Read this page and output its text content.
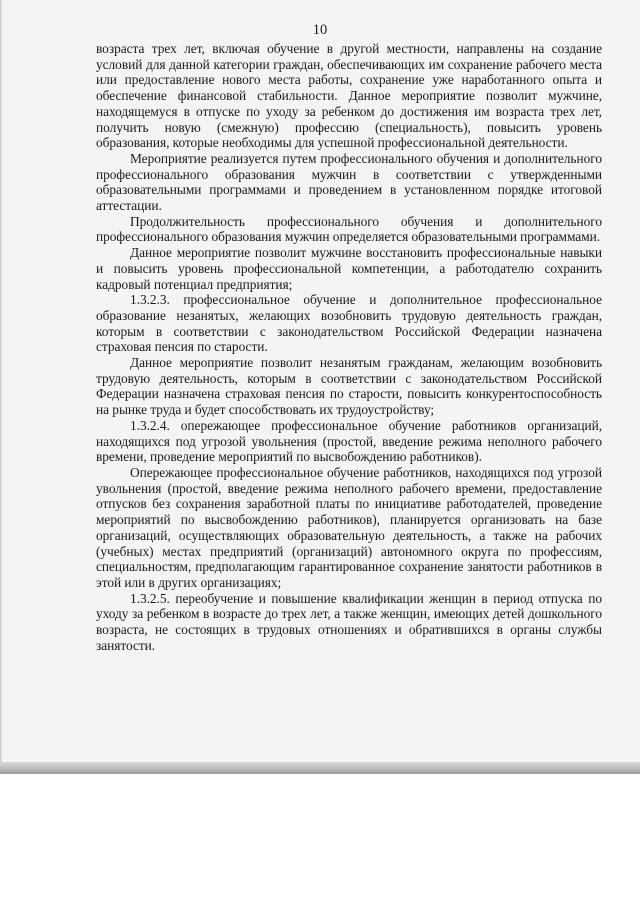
10

возраста трех лет, включая обучение в другой местности, направлены на создание условий для данной категории граждан, обеспечивающих им сохранение рабочего места или предоставление нового места работы, сохранение уже наработанного опыта и обеспечение финансовой стабильности. Данное мероприятие позволит мужчине, находящемуся в отпуске по уходу за ребенком до достижения им возраста трех лет, получить новую (смежную) профессию (специальность), повысить уровень образования, которые необходимы для успешной профессиональной деятельности.

Мероприятие реализуется путем профессионального обучения и дополнительного профессионального образования мужчин в соответствии с утвержденными образовательными программами и проведением в установленном порядке итоговой аттестации.

Продолжительность профессионального обучения и дополнительного профессионального образования мужчин определяется образовательными программами.

Данное мероприятие позволит мужчине восстановить профессиональные навыки и повысить уровень профессиональной компетенции, а работодателю сохранить кадровый потенциал предприятия;

1.3.2.3. профессиональное обучение и дополнительное профессиональное образование незанятых, желающих возобновить трудовую деятельность граждан, которым в соответствии с законодательством Российской Федерации назначена страховая пенсия по старости.

Данное мероприятие позволит незанятым гражданам, желающим возобновить трудовую деятельность, которым в соответствии с законодательством Российской Федерации назначена страховая пенсия по старости, повысить конкурентоспособность на рынке труда и будет способствовать их трудоустройству;

1.3.2.4. опережающее профессиональное обучение работников организаций, находящихся под угрозой увольнения (простой, введение режима неполного рабочего времени, проведение мероприятий по высвобождению работников).

Опережающее профессиональное обучение работников, находящихся под угрозой увольнения (простой, введение режима неполного рабочего времени, предоставление отпусков без сохранения заработной платы по инициативе работодателей, проведение мероприятий по высвобождению работников), планируется организовать на базе организаций, осуществляющих образовательную деятельность, а также на рабочих (учебных) местах предприятий (организаций) автономного округа по профессиям, специальностям, предполагающим гарантированное сохранение занятости работников в этой или в других организациях;

1.3.2.5. переобучение и повышение квалификации женщин в период отпуска по уходу за ребенком в возрасте до трех лет, а также женщин, имеющих детей дошкольного возраста, не состоящих в трудовых отношениях и обратившихся в органы службы занятости.
